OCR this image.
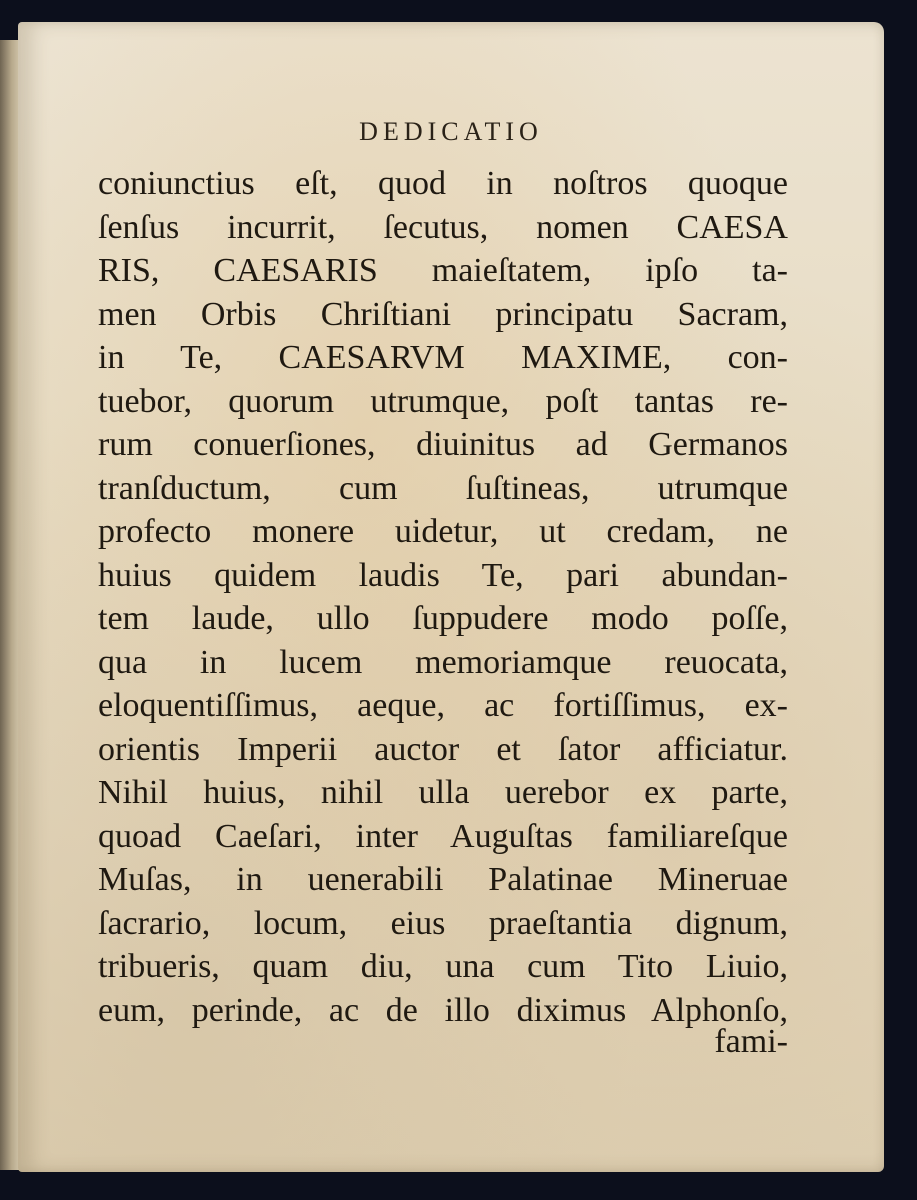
DEDICATIO
coniunctius eſt, quod in noſtros quoque
ſenſus incurrit, ſecutus, nomen CAESA
RIS, CAESARIS maieſtatem, ipſo ta-
men Orbis Chriſtiani principatu Sacram,
in Te, CAESARVM MAXIME, con-
tuebor, quorum utrumque, poſt tantas re-
rum conuerſiones, diuinitus ad Germanos
tranſductum, cum ſuſtineas, utrumque
profecto monere uidetur, ut credam, ne
huius quidem laudis Te, pari abundan-
tem laude, ullo ſuppudere modo poſſe,
qua in lucem memoriamque reuocata,
eloquentiſſimus, aeque, ac fortiſſimus, ex-
orientis Imperii auctor et ſator afficiatur.
Nihil huius, nihil ulla uerebor ex parte,
quoad Caeſari, inter Auguſtas familiareſque
Muſas, in uenerabili Palatinae Mineruae
ſacrario, locum, eius praeſtantia dignum,
tribueris, quam diu, una cum Tito Liuio,
eum, perinde, ac de illo diximus Alphonſo,
fami-
